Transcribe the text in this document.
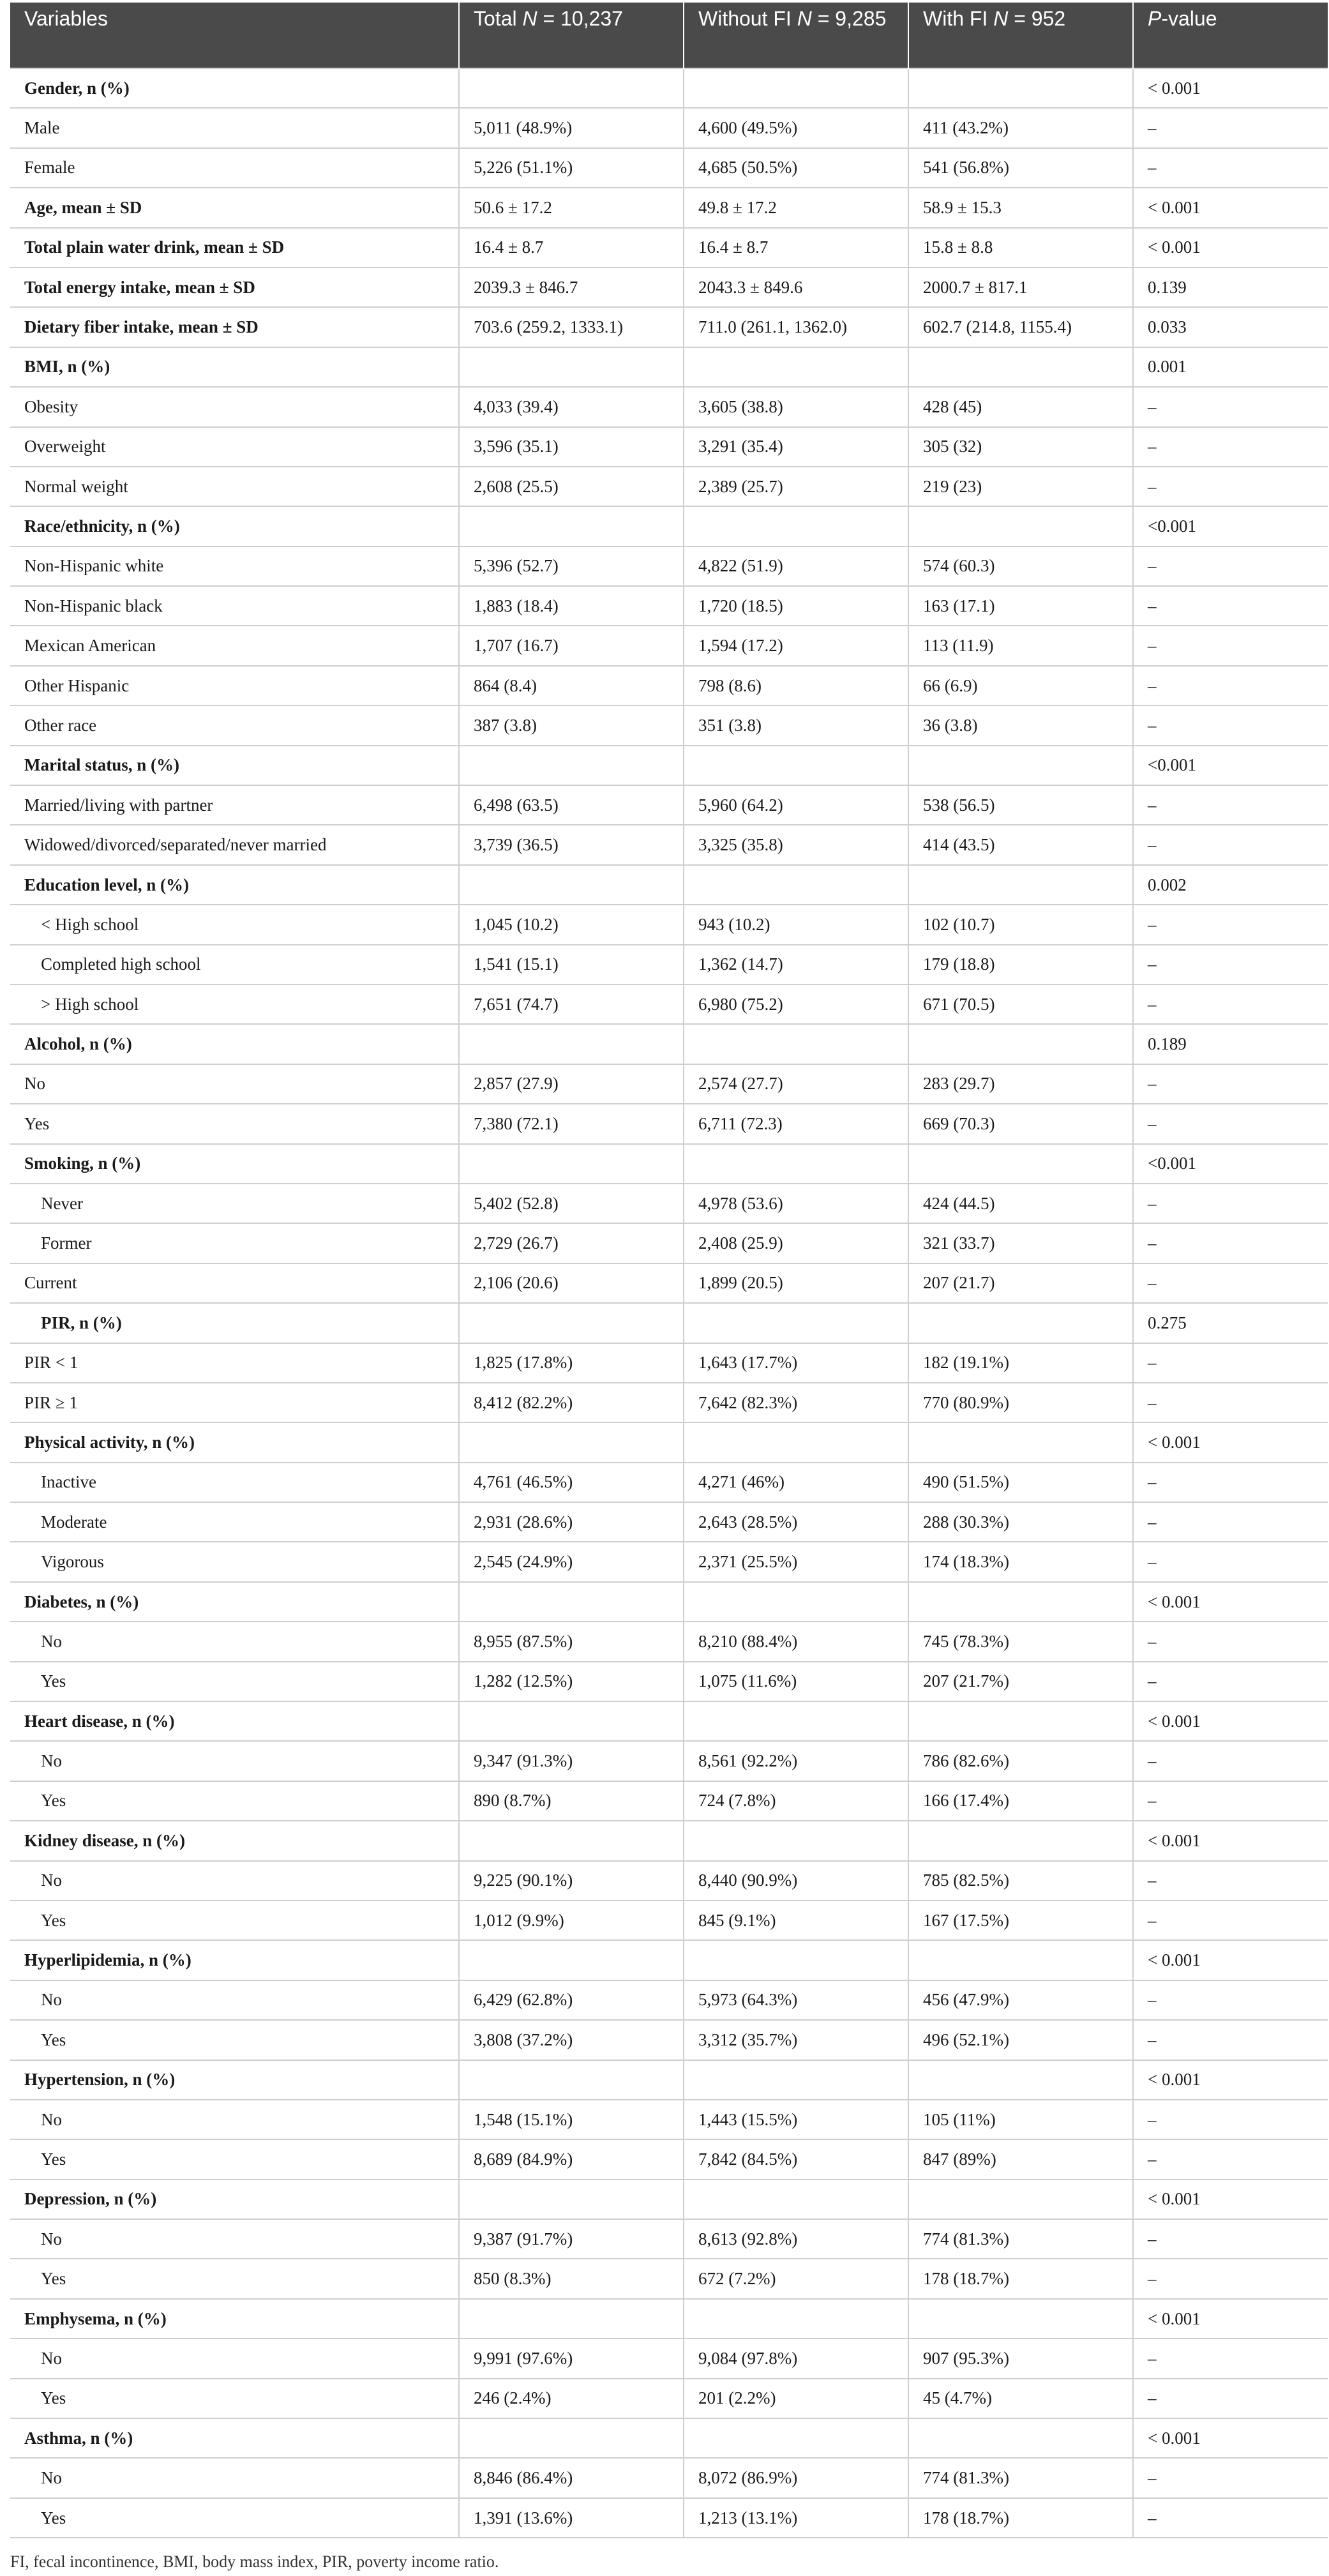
Variables	Total N = 10,237	Without FI N = 9,285	With FI N = 952	P-value
Gender, n (%)				< 0.001
Male	5,011 (48.9%)	4,600 (49.5%)	411 (43.2%)	–
Female	5,226 (51.1%)	4,685 (50.5%)	541 (56.8%)	–
Age, mean ± SD	50.6 ± 17.2	49.8 ± 17.2	58.9 ± 15.3	< 0.001
Total plain water drink, mean ± SD	16.4 ± 8.7	16.4 ± 8.7	15.8 ± 8.8	< 0.001
Total energy intake, mean ± SD	2039.3 ± 846.7	2043.3 ± 849.6	2000.7 ± 817.1	0.139
Dietary fiber intake, mean ± SD	703.6 (259.2, 1333.1)	711.0 (261.1, 1362.0)	602.7 (214.8, 1155.4)	0.033
BMI, n (%)				0.001
Obesity	4,033 (39.4)	3,605 (38.8)	428 (45)	–
Overweight	3,596 (35.1)	3,291 (35.4)	305 (32)	–
Normal weight	2,608 (25.5)	2,389 (25.7)	219 (23)	–
Race/ethnicity, n (%)				<0.001
Non-Hispanic white	5,396 (52.7)	4,822 (51.9)	574 (60.3)	–
Non-Hispanic black	1,883 (18.4)	1,720 (18.5)	163 (17.1)	–
Mexican American	1,707 (16.7)	1,594 (17.2)	113 (11.9)	–
Other Hispanic	864 (8.4)	798 (8.6)	66 (6.9)	–
Other race	387 (3.8)	351 (3.8)	36 (3.8)	–
Marital status, n (%)				<0.001
Married/living with partner	6,498 (63.5)	5,960 (64.2)	538 (56.5)	–
Widowed/divorced/separated/never married	3,739 (36.5)	3,325 (35.8)	414 (43.5)	–
Education level, n (%)				0.002
< High school	1,045 (10.2)	943 (10.2)	102 (10.7)	–
Completed high school	1,541 (15.1)	1,362 (14.7)	179 (18.8)	–
> High school	7,651 (74.7)	6,980 (75.2)	671 (70.5)	–
Alcohol, n (%)				0.189
No	2,857 (27.9)	2,574 (27.7)	283 (29.7)	–
Yes	7,380 (72.1)	6,711 (72.3)	669 (70.3)	–
Smoking, n (%)				<0.001
Never	5,402 (52.8)	4,978 (53.6)	424 (44.5)	–
Former	2,729 (26.7)	2,408 (25.9)	321 (33.7)	–
Current	2,106 (20.6)	1,899 (20.5)	207 (21.7)	–
PIR, n (%)				0.275
PIR < 1	1,825 (17.8%)	1,643 (17.7%)	182 (19.1%)	–
PIR ≥ 1	8,412 (82.2%)	7,642 (82.3%)	770 (80.9%)	–
Physical activity, n (%)				< 0.001
Inactive	4,761 (46.5%)	4,271 (46%)	490 (51.5%)	–
Moderate	2,931 (28.6%)	2,643 (28.5%)	288 (30.3%)	–
Vigorous	2,545 (24.9%)	2,371 (25.5%)	174 (18.3%)	–
Diabetes, n (%)				< 0.001
No	8,955 (87.5%)	8,210 (88.4%)	745 (78.3%)	–
Yes	1,282 (12.5%)	1,075 (11.6%)	207 (21.7%)	–
Heart disease, n (%)				< 0.001
No	9,347 (91.3%)	8,561 (92.2%)	786 (82.6%)	–
Yes	890 (8.7%)	724 (7.8%)	166 (17.4%)	–
Kidney disease, n (%)				< 0.001
No	9,225 (90.1%)	8,440 (90.9%)	785 (82.5%)	–
Yes	1,012 (9.9%)	845 (9.1%)	167 (17.5%)	–
Hyperlipidemia, n (%)				< 0.001
No	6,429 (62.8%)	5,973 (64.3%)	456 (47.9%)	–
Yes	3,808 (37.2%)	3,312 (35.7%)	496 (52.1%)	–
Hypertension, n (%)				< 0.001
No	1,548 (15.1%)	1,443 (15.5%)	105 (11%)	–
Yes	8,689 (84.9%)	7,842 (84.5%)	847 (89%)	–
Depression, n (%)				< 0.001
No	9,387 (91.7%)	8,613 (92.8%)	774 (81.3%)	–
Yes	850 (8.3%)	672 (7.2%)	178 (18.7%)	–
Emphysema, n (%)				< 0.001
No	9,991 (97.6%)	9,084 (97.8%)	907 (95.3%)	–
Yes	246 (2.4%)	201 (2.2%)	45 (4.7%)	–
Asthma, n (%)				< 0.001
No	8,846 (86.4%)	8,072 (86.9%)	774 (81.3%)	–
Yes	1,391 (13.6%)	1,213 (13.1%)	178 (18.7%)	–
FI, fecal incontinence, BMI, body mass index, PIR, poverty income ratio.
